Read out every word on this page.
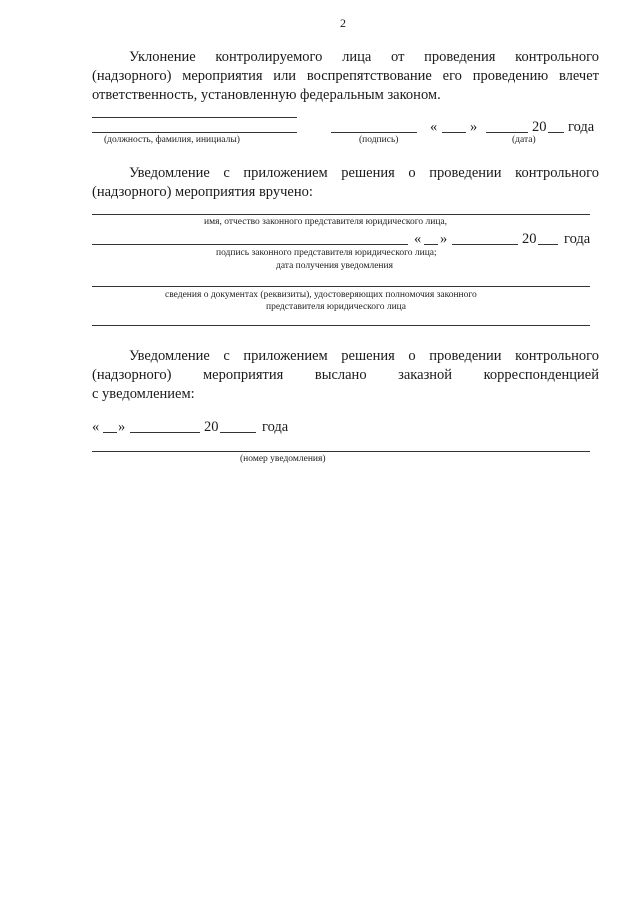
2
Уклонение контролируемого лица от проведения контрольного
(надзорного) мероприятия или воспрепятствование его проведению влечет
ответственность, установленную федеральным законом.
« »	20 года
(должность, фамилия, инициалы)	(подпись)	(дата)
Уведомление с приложением решения о проведении контрольного
(надзорного) мероприятия вручено:
имя, отчество законного представителя юридического лица,
« »	20 года
подпись законного представителя юридического лица;
дата получения уведомления
сведения о документах (реквизиты), удостоверяющих полномочия законного
представителя юридического лица
Уведомление с приложением решения о проведении контрольного
(надзорного) мероприятия выслано заказной корреспонденцией
с уведомлением:
« »	20	года
(номер уведомления)
